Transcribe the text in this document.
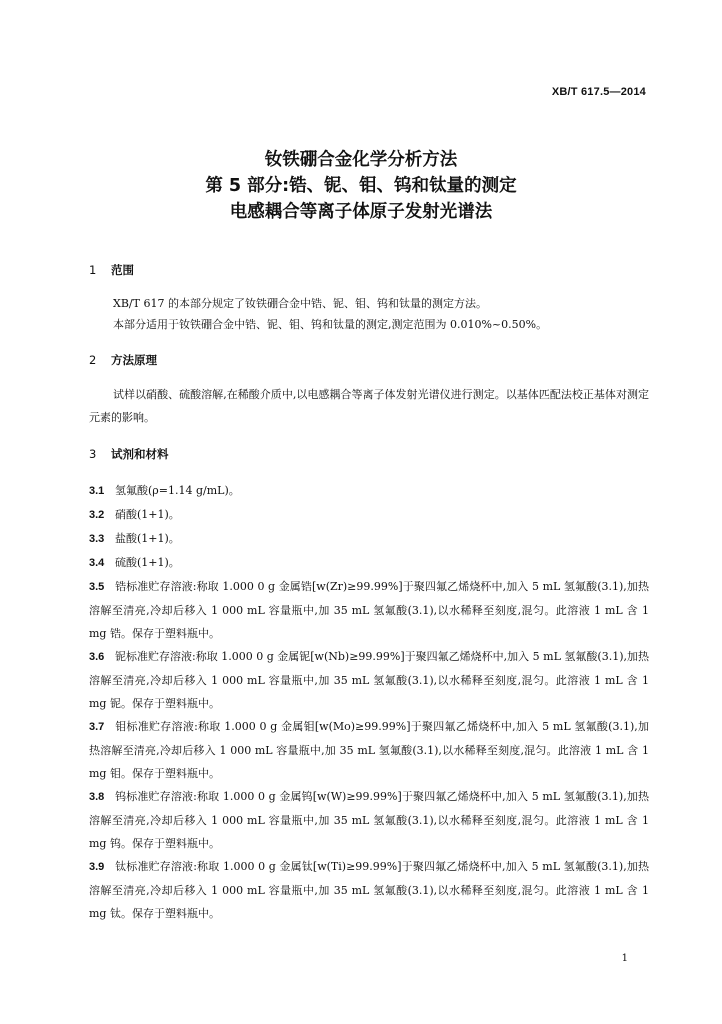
XB/T 617.5—2014
钕铁硼合金化学分析方法
第 5 部分:锆、铌、钼、钨和钛量的测定
电感耦合等离子体原子发射光谱法
1 范围
XB/T 617 的本部分规定了钕铁硼合金中锆、铌、钼、钨和钛量的测定方法。
本部分适用于钕铁硼合金中锆、铌、钼、钨和钛量的测定,测定范围为 0.010%~0.50%。
2 方法原理
试样以硝酸、硫酸溶解,在稀酸介质中,以电感耦合等离子体发射光谱仪进行测定。以基体匹配法校正基体对测定元素的影响。
3 试剂和材料
3.1 氢氟酸(ρ=1.14 g/mL)。
3.2 硝酸(1+1)。
3.3 盐酸(1+1)。
3.4 硫酸(1+1)。
3.5 锆标准贮存溶液:称取 1.000 0 g 金属锆[w(Zr)≥99.99%]于聚四氟乙烯烧杯中,加入 5 mL 氢氟酸(3.1),加热溶解至清亮,冷却后移入 1 000 mL 容量瓶中,加 35 mL 氢氟酸(3.1),以水稀释至刻度,混匀。此溶液 1 mL 含 1 mg 锆。保存于塑料瓶中。
3.6 铌标准贮存溶液:称取 1.000 0 g 金属铌[w(Nb)≥99.99%]于聚四氟乙烯烧杯中,加入 5 mL 氢氟酸(3.1),加热溶解至清亮,冷却后移入 1 000 mL 容量瓶中,加 35 mL 氢氟酸(3.1),以水稀释至刻度,混匀。此溶液 1 mL 含 1 mg 铌。保存于塑料瓶中。
3.7 钼标准贮存溶液:称取 1.000 0 g 金属钼[w(Mo)≥99.99%]于聚四氟乙烯烧杯中,加入 5 mL 氢氟酸(3.1),加热溶解至清亮,冷却后移入 1 000 mL 容量瓶中,加 35 mL 氢氟酸(3.1),以水稀释至刻度,混匀。此溶液 1 mL 含 1 mg 钼。保存于塑料瓶中。
3.8 钨标准贮存溶液:称取 1.000 0 g 金属钨[w(W)≥99.99%]于聚四氟乙烯烧杯中,加入 5 mL 氢氟酸(3.1),加热溶解至清亮,冷却后移入 1 000 mL 容量瓶中,加 35 mL 氢氟酸(3.1),以水稀释至刻度,混匀。此溶液 1 mL 含 1 mg 钨。保存于塑料瓶中。
3.9 钛标准贮存溶液:称取 1.000 0 g 金属钛[w(Ti)≥99.99%]于聚四氟乙烯烧杯中,加入 5 mL 氢氟酸(3.1),加热溶解至清亮,冷却后移入 1 000 mL 容量瓶中,加 35 mL 氢氟酸(3.1),以水稀释至刻度,混匀。此溶液 1 mL 含 1 mg 钛。保存于塑料瓶中。
1
